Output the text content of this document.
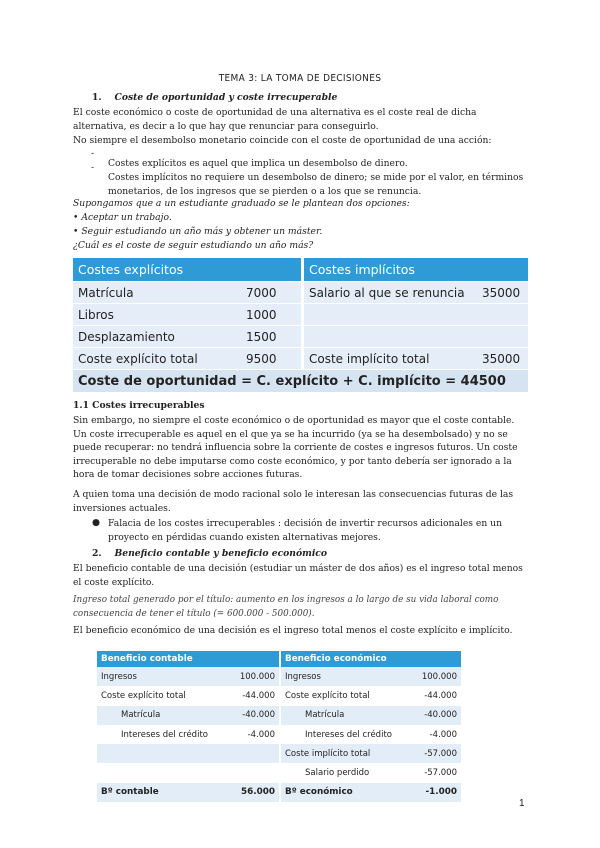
TEMA 3: LA TOMA DE DECISIONES
1. Coste de oportunidad y coste irrecuperable

El coste económico o coste de oportunidad de una alternativa es el coste real de dicha alternativa, es decir a lo que hay que renunciar para conseguirlo.

No siempre el desembolso monetario coincide con el coste de oportunidad de una acción:

-

Costes explícitos es aquel que implica un desembolso de dinero.

-

Costes implícitos no requiere un desembolso de dinero; se mide por el valor, en términos monetarios, de los ingresos que se pierden o a los que se renuncia.

Supongamos que a un estudiante graduado se le plantean dos opciones:

• Aceptar un trabajo.

• Seguir estudiando un año más y obtener un máster.

¿Cuál es el coste de seguir estudiando un año más?

Costes explícitos			Costes implícitos	
Matrícula	7000		Salario al que se renuncia	35000
Libros	1000			
Desplazamiento	1500			
Coste explícito total	9500		Coste implícito total	35000
Coste de oportunidad = C. explícito + C. implícito = 44500				
1.1 Costes irrecuperables

Sin embargo, no siempre el coste económico o de oportunidad es mayor que el coste contable. Un coste irrecuperable es aquel en el que ya se ha incurrido (ya se ha desembolsado) y no se puede recuperar: no tendrá influencia sobre la corriente de costes e ingresos futuros. Un coste irrecuperable no debe imputarse como coste económico, y por tanto debería ser ignorado a la hora de tomar decisiones sobre acciones futuras.

A quien toma una decisión de modo racional solo le interesan las consecuencias futuras de las inversiones actuales.

● Falacia de los costes irrecuperables : decisión de invertir recursos adicionales en un proyecto en pérdidas cuando existen alternativas mejores.

2. Beneficio contable y beneficio económico

El beneficio contable de una decisión (estudiar un máster de dos años) es el ingreso total menos el coste explícito.

Ingreso total generado por el título: aumento en los ingresos a lo largo de su vida laboral como consecuencia de tener el título (= 600.000 - 500.000).

El beneficio económico de una decisión es el ingreso total menos el coste explícito e implícito.

Beneficio contable			Beneficio económico	
Ingresos	100.000		Ingresos	100.000
Coste explícito total	-44.000		Coste explícito total	-44.000
Matrícula	-40.000		Matrícula	-40.000
Intereses del crédito	-4.000		Intereses del crédito	-4.000
			Coste implícito total	-57.000
			Salario perdido	-57.000
Bº contable	56.000		Bº económico	-1.000
1
